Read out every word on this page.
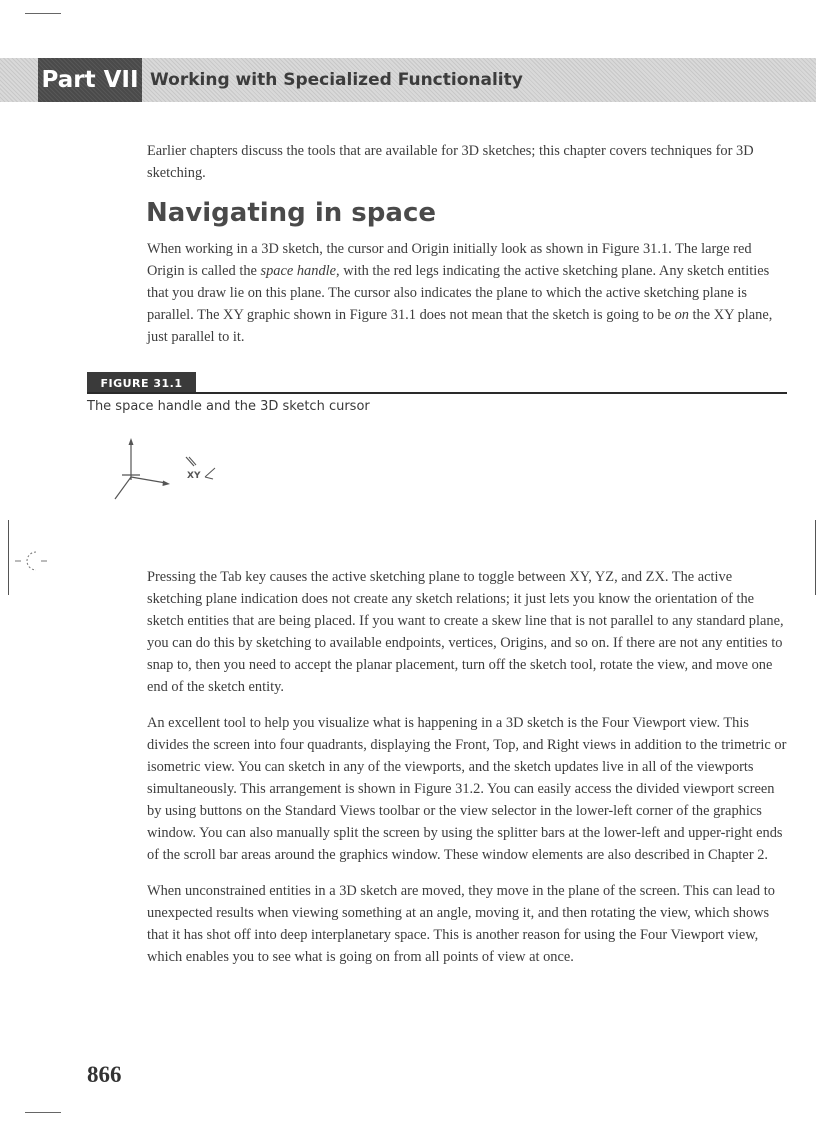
Part VII Working with Specialized Functionality

Earlier chapters discuss the tools that are available for 3D sketches; this chapter covers techniques for 3D sketching.

Navigating in space

When working in a 3D sketch, the cursor and Origin initially look as shown in Figure 31.1. The large red Origin is called the space handle, with the red legs indicating the active sketching plane. Any sketch entities that you draw lie on this plane. The cursor also indicates the plane to which the active sketching plane is parallel. The XY graphic shown in Figure 31.1 does not mean that the sketch is going to be on the XY plane, just parallel to it.

FIGURE 31.1

The space handle and the 3D sketch cursor

XY

Pressing the Tab key causes the active sketching plane to toggle between XY, YZ, and ZX. The active sketching plane indication does not create any sketch relations; it just lets you know the orientation of the sketch entities that are being placed. If you want to create a skew line that is not parallel to any standard plane, you can do this by sketching to available endpoints, vertices, Origins, and so on. If there are not any entities to snap to, then you need to accept the planar placement, turn off the sketch tool, rotate the view, and move one end of the sketch entity.

An excellent tool to help you visualize what is happening in a 3D sketch is the Four Viewport view. This divides the screen into four quadrants, displaying the Front, Top, and Right views in addition to the trimetric or isometric view. You can sketch in any of the viewports, and the sketch updates live in all of the viewports simultaneously. This arrangement is shown in Figure 31.2. You can easily access the divided viewport screen by using buttons on the Standard Views toolbar or the view selector in the lower-left corner of the graphics window. You can also manually split the screen by using the splitter bars at the lower-left and upper-right ends of the scroll bar areas around the graphics window. These window elements are also described in Chapter 2.

When unconstrained entities in a 3D sketch are moved, they move in the plane of the screen. This can lead to unexpected results when viewing something at an angle, moving it, and then rotating the view, which shows that it has shot off into deep interplanetary space. This is another reason for using the Four Viewport view, which enables you to see what is going on from all points of view at once.

866
